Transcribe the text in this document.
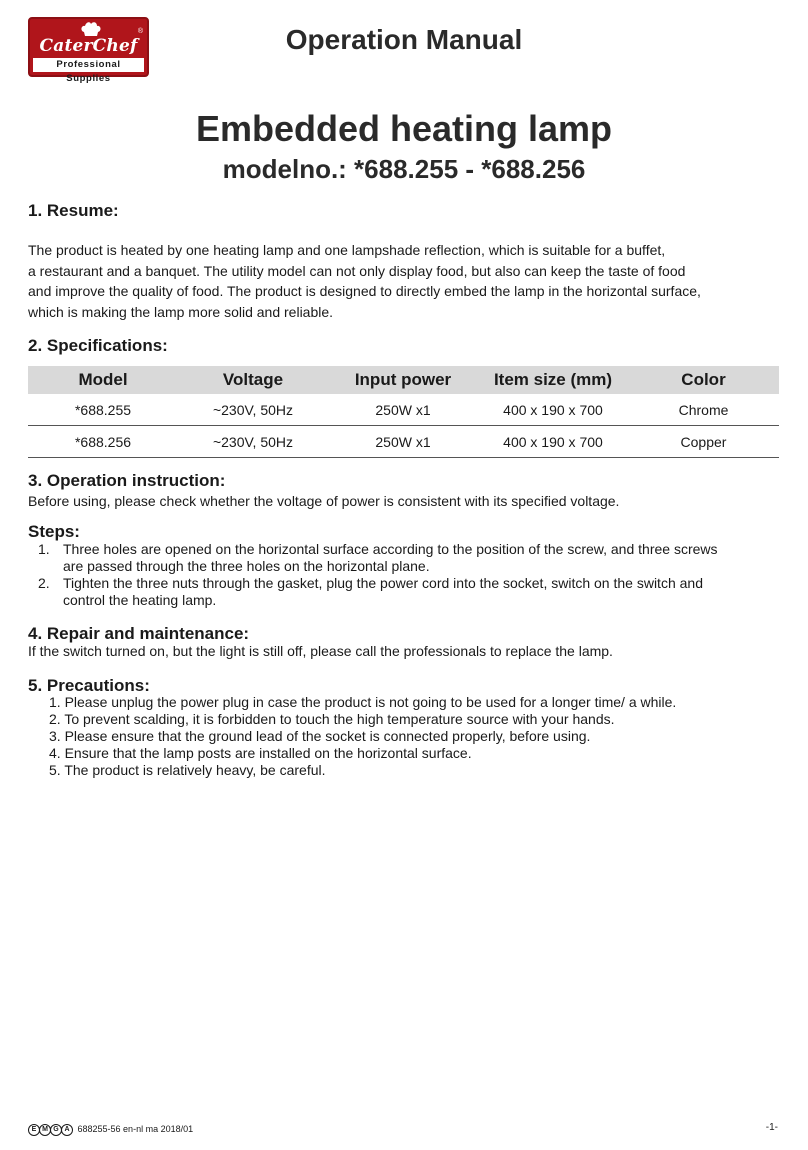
CaterChef
®
Professional Supplies
Operation Manual
Embedded heating lamp
modelno.: *688.255 - *688.256
1. Resume:
The product is heated by one heating lamp and one lampshade reflection, which is suitable for a buffet,
a restaurant and a banquet. The utility model can not only display food, but also can keep the taste of food
and improve the quality of food. The product is designed to directly embed the lamp in the horizontal surface,
which is making the lamp more solid and reliable.
2. Specifications:
Model	Voltage	Input power	Item size (mm)	Color
*688.255	~230V, 50Hz	250W x1	400 x 190 x 700	Chrome
*688.256	~230V, 50Hz	250W x1	400 x 190 x 700	Copper
3. Operation instruction:
Before using, please check whether the voltage of power is consistent with its specified voltage.
Steps:
1. Three holes are opened on the horizontal surface according to the position of the screw, and three screws
are passed through the three holes on the horizontal plane.
2. Tighten the three nuts through the gasket, plug the power cord into the socket, switch on the switch and
control the heating lamp.
4. Repair and maintenance:
If the switch turned on, but the light is still off, please call the professionals to replace the lamp.
5. Precautions:
1. Please unplug the power plug in case the product is not going to be used for a longer time/ a while.
2. To prevent scalding, it is forbidden to touch the high temperature source with your hands.
3. Please ensure that the ground lead of the socket is connected properly, before using.
4. Ensure that the lamp posts are installed on the horizontal surface.
5. The product is relatively heavy, be careful.
E M G A 688255-56 en-nl ma 2018/01	-1-
